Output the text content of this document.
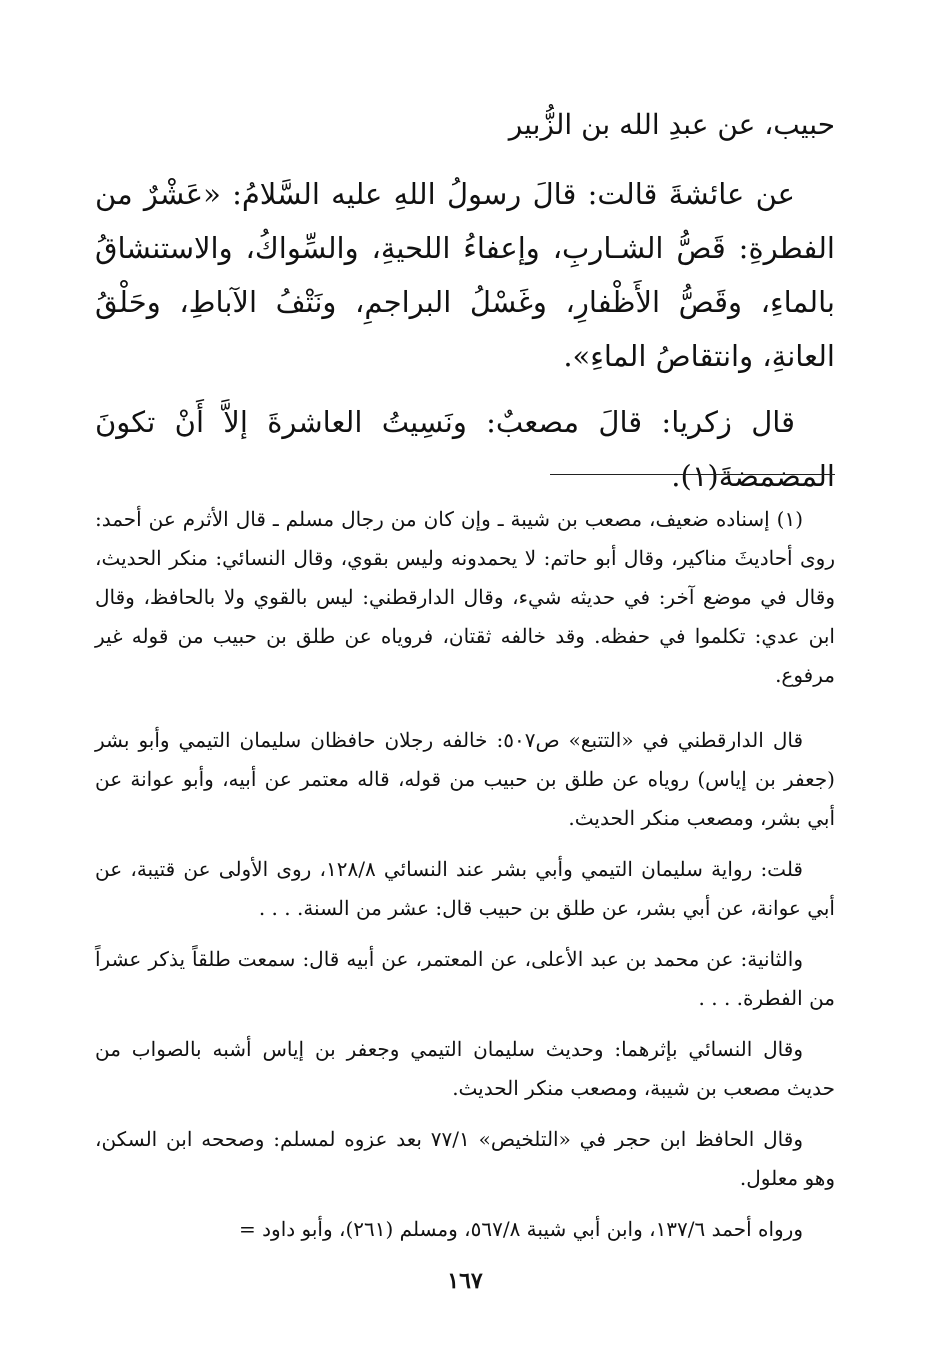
حبيب، عن عبدِ الله بن الزُّبير

عن عائشةَ قالت: قالَ رسولُ اللهِ عليه السَّلامُ: «عَشْرٌ من الفطرةِ: قَصُّ الشـاربِ، وإعفاءُ اللحيةِ، والسِّواكُ، والاستنشاقُ بالماءِ، وقَصُّ الأَظْفارِ، وغَسْلُ البراجمِ، ونَتْفُ الآباطِ، وحَلْقُ العانةِ، وانتقاصُ الماءِ».

قال زكريا: قالَ مصعبٌ: ونَسِيتُ العاشرةَ إلاَّ أَنْ تكونَ المضمضةَ(١).

(١) إسناده ضعيف، مصعب بن شيبة ـ وإن كان من رجال مسلم ـ قال الأثرم عن أحمد: روى أحاديثَ مناكير، وقال أبو حاتم: لا يحمدونه وليس بقوي، وقال النسائي: منكر الحديث، وقال في موضع آخر: في حديثه شيء، وقال الدارقطني: ليس بالقوي ولا بالحافظ، وقال ابن عدي: تكلموا في حفظه. وقد خالفه ثقتان، فروياه عن طلق بن حبيب من قوله غير مرفوع.

قال الدارقطني في «التتبع» ص٥٠٧: خالفه رجلان حافظان سليمان التيمي وأبو بشر (جعفر بن إياس) روياه عن طلق بن حبيب من قوله، قاله معتمر عن أبيه، وأبو عوانة عن أبي بشر، ومصعب منكر الحديث.

قلت: رواية سليمان التيمي وأبي بشر عند النسائي ١٢٨/٨، روى الأولى عن قتيبة، عن أبي عوانة، عن أبي بشر، عن طلق بن حبيب قال: عشر من السنة. . . .

والثانية: عن محمد بن عبد الأعلى، عن المعتمر، عن أبيه قال: سمعت طلقاً يذكر عشراً من الفطرة. . . .

وقال النسائي بإثرهما: وحديث سليمان التيمي وجعفر بن إياس أشبه بالصواب من حديث مصعب بن شيبة، ومصعب منكر الحديث.

وقال الحافظ ابن حجر في «التلخيص» ٧٧/١ بعد عزوه لمسلم: وصححه ابن السكن، وهو معلول.

ورواه أحمد ١٣٧/٦، وابن أبي شيبة ٥٦٧/٨، ومسلم (٢٦١)، وأبو داود =

١٦٧
